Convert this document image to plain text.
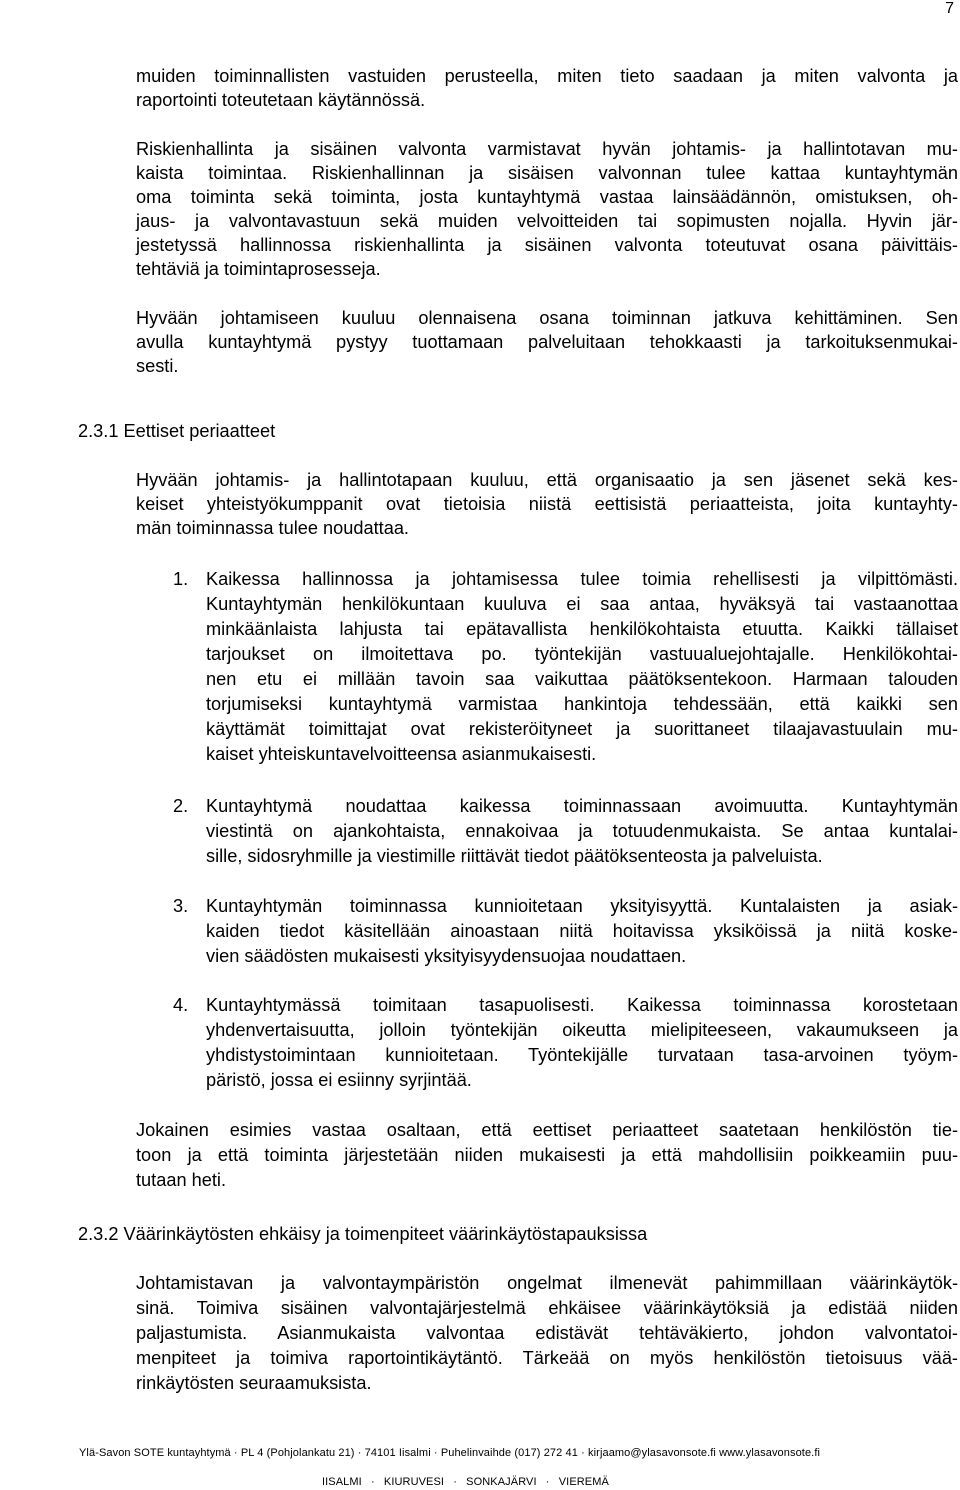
7
muiden toiminnallisten vastuiden perusteella, miten tieto saadaan ja miten valvonta ja
raportointi toteutetaan käytännössä.
Riskienhallinta ja sisäinen valvonta varmistavat hyvän johtamis- ja hallintotavan mu-
kaista toimintaa. Riskienhallinnan ja sisäisen valvonnan tulee kattaa kuntayhtymän
oma toiminta sekä toiminta, josta kuntayhtymä vastaa lainsäädännön, omistuksen, oh-
jaus- ja valvontavastuun sekä muiden velvoitteiden tai sopimusten nojalla. Hyvin jär-
jestetyssä hallinnossa riskienhallinta ja sisäinen valvonta toteutuvat osana päivittäis-
tehtäviä ja toimintaprosesseja.
Hyvään johtamiseen kuuluu olennaisena osana toiminnan jatkuva kehittäminen. Sen
avulla kuntayhtymä pystyy tuottamaan palveluitaan tehokkaasti ja tarkoituksenmukai-
sesti.
2.3.1 Eettiset periaatteet
Hyvään johtamis- ja hallintotapaan kuuluu, että organisaatio ja sen jäsenet sekä kes-
keiset yhteistyökumppanit ovat tietoisia niistä eettisistä periaatteista, joita kuntayhty-
män toiminnassa tulee noudattaa.
1. Kaikessa hallinnossa ja johtamisessa tulee toimia rehellisesti ja vilpittömästi.
Kuntayhtymän henkilökuntaan kuuluva ei saa antaa, hyväksyä tai vastaanottaa
minkäänlaista lahjusta tai epätavallista henkilökohtaista etuutta. Kaikki tällaiset
tarjoukset on ilmoitettava po. työntekijän vastuualuejohtajalle. Henkilökohtai-
nen etu ei millään tavoin saa vaikuttaa päätöksentekoon. Harmaan talouden
torjumiseksi kuntayhtymä varmistaa hankintoja tehdessään, että kaikki sen
käyttämät toimittajat ovat rekisteröityneet ja suorittaneet tilaajavastuulain mu-
kaiset yhteiskuntavelvoitteensa asianmukaisesti.
2. Kuntayhtymä noudattaa kaikessa toiminnassaan avoimuutta. Kuntayhtymän
viestintä on ajankohtaista, ennakoivaa ja totuudenmukaista. Se antaa kuntalai-
sille, sidosryhmille ja viestimille riittävät tiedot päätöksenteosta ja palveluista.
3. Kuntayhtymän toiminnassa kunnioitetaan yksityisyyttä. Kuntalaisten ja asiak-
kaiden tiedot käsitellään ainoastaan niitä hoitavissa yksiköissä ja niitä koske-
vien säädösten mukaisesti yksityisyydensuojaa noudattaen.
4. Kuntayhtymässä toimitaan tasapuolisesti. Kaikessa toiminnassa korostetaan
yhdenvertaisuutta, jolloin työntekijän oikeutta mielipiteeseen, vakaumukseen ja
yhdistystoimintaan kunnioitetaan. Työntekijälle turvataan tasa-arvoinen työym-
päristö, jossa ei esiinny syrjintää.
Jokainen esimies vastaa osaltaan, että eettiset periaatteet saatetaan henkilöstön tie-
toon ja että toiminta järjestetään niiden mukaisesti ja että mahdollisiin poikkeamiin puu-
tutaan heti.
2.3.2 Väärinkäytösten ehkäisy ja toimenpiteet väärinkäytöstapauksissa
Johtamistavan ja valvontaympäristön ongelmat ilmenevät pahimmillaan väärinkäytök-
sinä. Toimiva sisäinen valvontajärjestelmä ehkäisee väärinkäytöksiä ja edistää niiden
paljastumista. Asianmukaista valvontaa edistävät tehtäväkierto, johdon valvontatoi-
menpiteet ja toimiva raportointikäytäntö. Tärkeää on myös henkilöstön tietoisuus vää-
rinkäytösten seuraamuksista.
Ylä-Savon SOTE kuntayhtymä · PL 4 (Pohjolankatu 21) · 74101 Iisalmi · Puhelinvaihde (017) 272 41 · kirjaamo@ylasavonsote.fi www.ylasavonsote.fi
IISALMI · KIURUVESI · SONKAJÄRVI · VIEREMÄ
